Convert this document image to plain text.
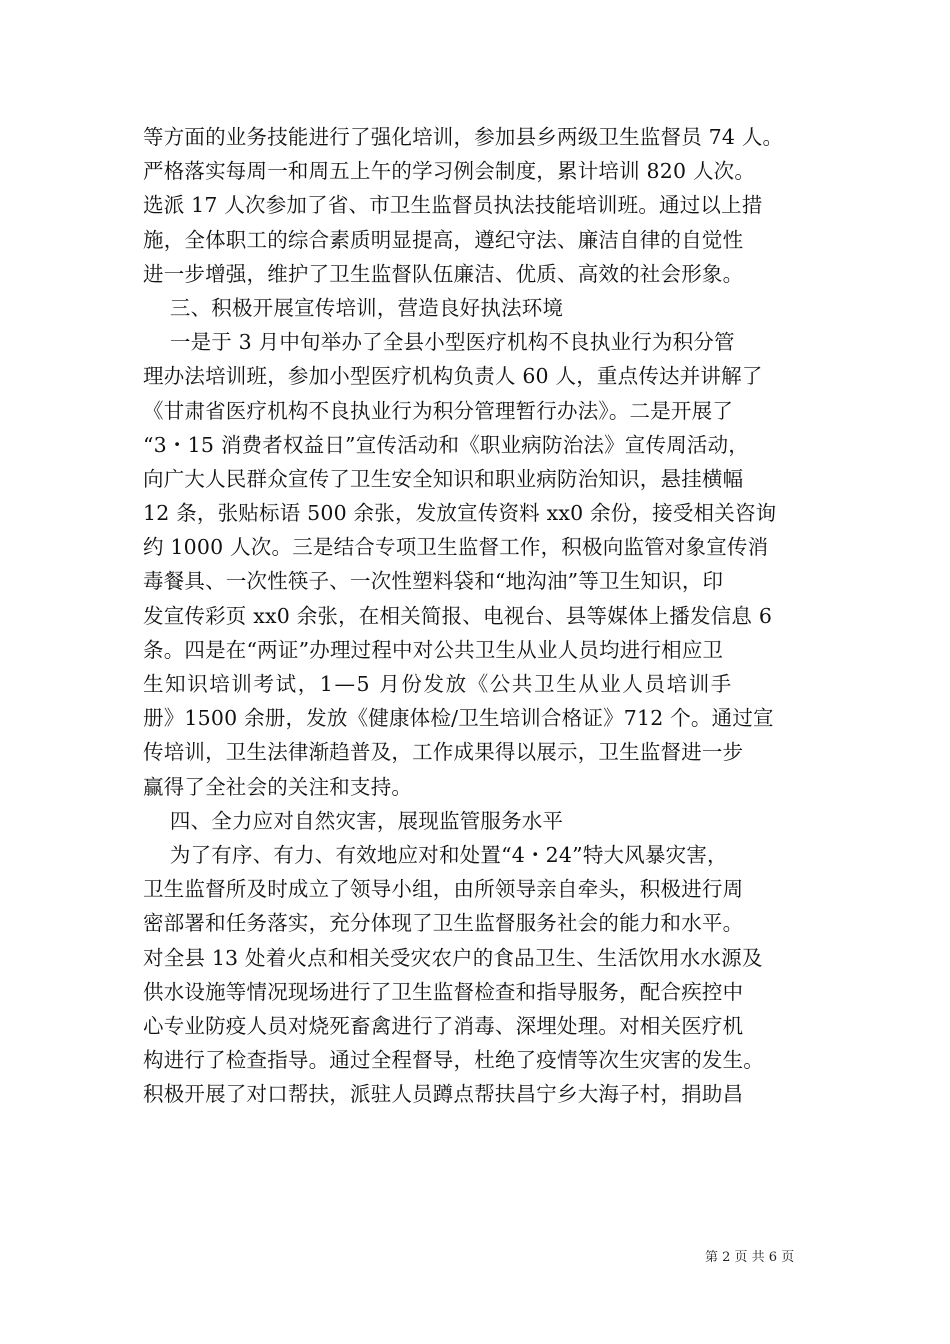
等方面的业务技能进行了强化培训，参加县乡两级卫生监督员 74 人。
严格落实每周一和周五上午的学习例会制度，累计培训 820 人次。
选派 17 人次参加了省、市卫生监督员执法技能培训班。通过以上措
施，全体职工的综合素质明显提高，遵纪守法、廉洁自律的自觉性
进一步增强，维护了卫生监督队伍廉洁、优质、高效的社会形象。
三、积极开展宣传培训，营造良好执法环境
一是于 3 月中旬举办了全县小型医疗机构不良执业行为积分管
理办法培训班，参加小型医疗机构负责人 60 人，重点传达并讲解了
《甘肃省医疗机构不良执业行为积分管理暂行办法》。二是开展了
“3・15 消费者权益日”宣传活动和《职业病防治法》宣传周活动，
向广大人民群众宣传了卫生安全知识和职业病防治知识，悬挂横幅
12 条，张贴标语 500 余张，发放宣传资料 xx0 余份，接受相关咨询
约 1000 人次。三是结合专项卫生监督工作，积极向监管对象宣传消
毒餐具、一次性筷子、一次性塑料袋和“地沟油”等卫生知识，印
发宣传彩页 xx0 余张，在相关简报、电视台、县等媒体上播发信息 6
条。四是在“两证”办理过程中对公共卫生从业人员均进行相应卫
生知识培训考试，1—5 月份发放《公共卫生从业人员培训手
册》1500 余册，发放《健康体检/卫生培训合格证》712 个。通过宣
传培训，卫生法律渐趋普及，工作成果得以展示，卫生监督进一步
赢得了全社会的关注和支持。
四、全力应对自然灾害，展现监管服务水平
为了有序、有力、有效地应对和处置“4・24”特大风暴灾害，
卫生监督所及时成立了领导小组，由所领导亲自牵头，积极进行周
密部署和任务落实，充分体现了卫生监督服务社会的能力和水平。
对全县 13 处着火点和相关受灾农户的食品卫生、生活饮用水水源及
供水设施等情况现场进行了卫生监督检查和指导服务，配合疾控中
心专业防疫人员对烧死畜禽进行了消毒、深埋处理。对相关医疗机
构进行了检查指导。通过全程督导，杜绝了疫情等次生灾害的发生。
积极开展了对口帮扶，派驻人员蹲点帮扶昌宁乡大海子村，捐助昌
第 2 页 共 6 页
